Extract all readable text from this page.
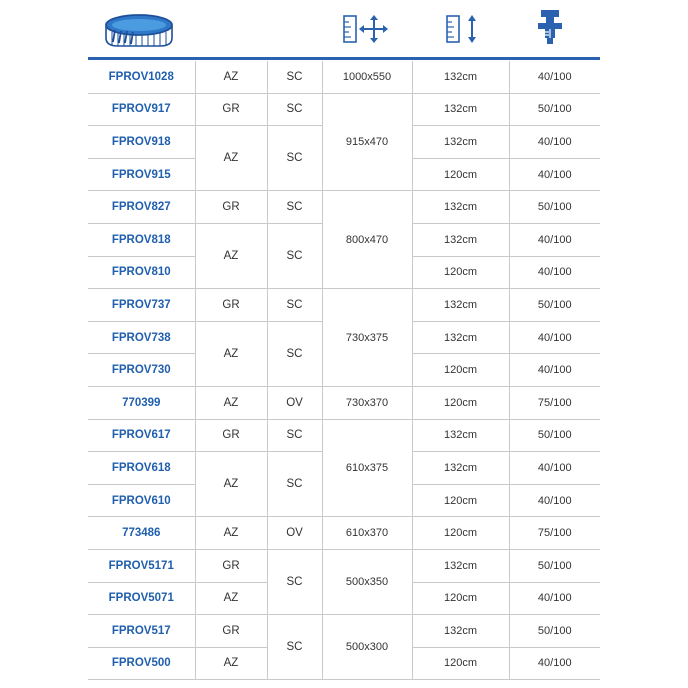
FPROV1028	AZ	SC	1000x550	132cm	40/100
FPROV917	GR	SC	915x470	132cm	50/100
FPROV918	AZ	SC		132cm	40/100
FPROV915				120cm	40/100
FPROV827	GR	SC	800x470	132cm	50/100
FPROV818	AZ	SC		132cm	40/100
FPROV810				120cm	40/100
FPROV737	GR	SC	730x375	132cm	50/100
FPROV738	AZ	SC		132cm	40/100
FPROV730				120cm	40/100
770399	AZ	OV	730x370	120cm	75/100
FPROV617	GR	SC	610x375	132cm	50/100
FPROV618	AZ	SC		132cm	40/100
FPROV610				120cm	40/100
773486	AZ	OV	610x370	120cm	75/100
FPROV5171	GR	SC	500x350	132cm	50/100
FPROV5071	AZ			120cm	40/100
FPROV517	GR	SC	500x300	132cm	50/100
FPROV500	AZ			120cm	40/100
